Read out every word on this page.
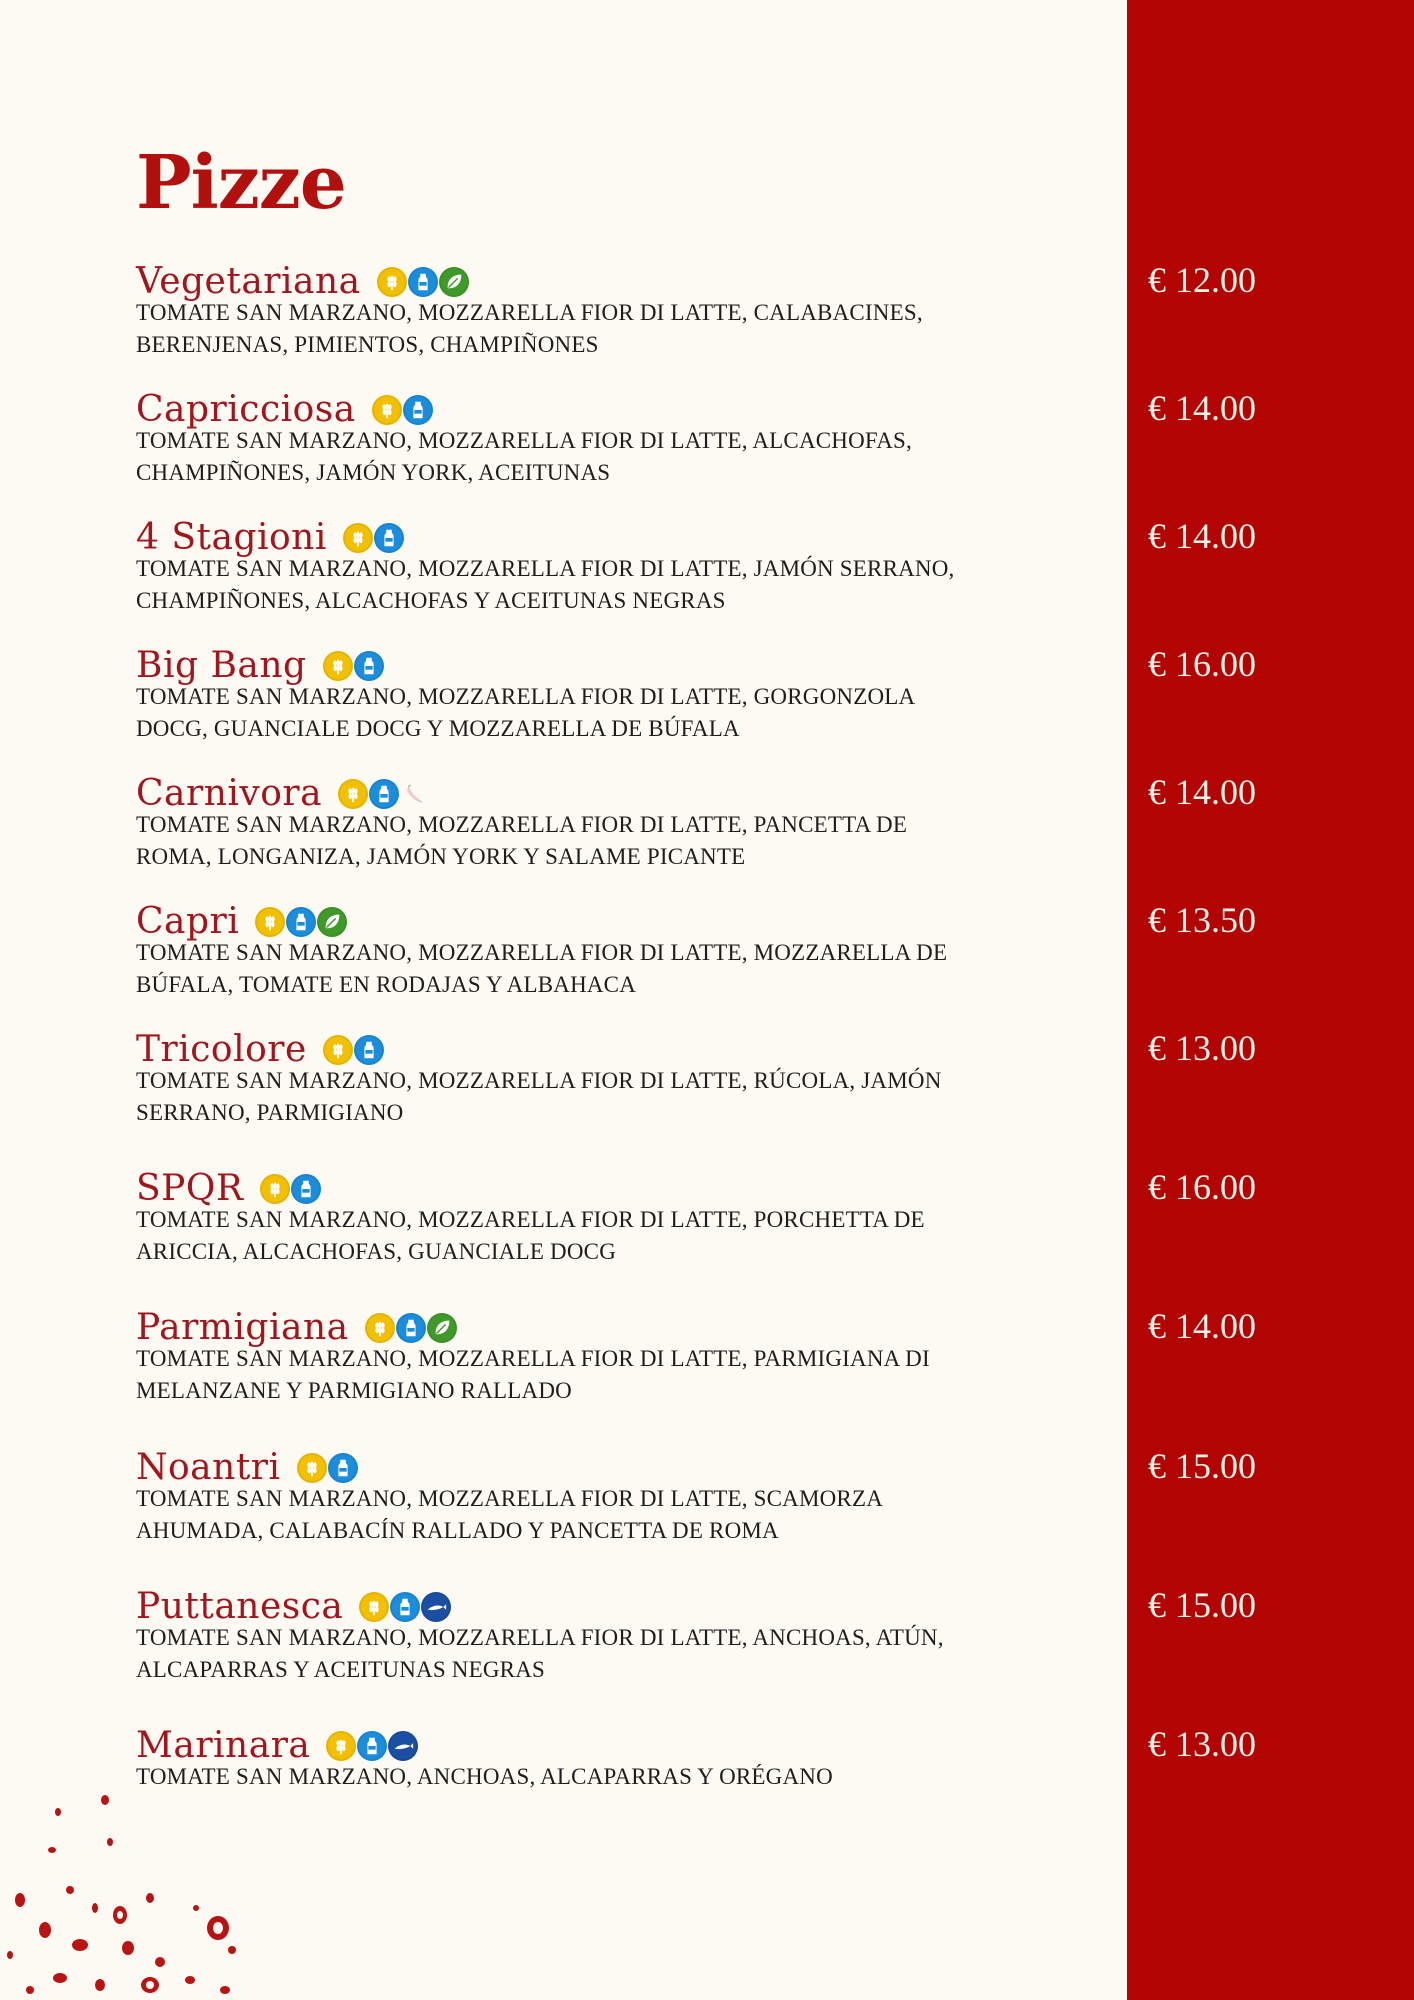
Pizze
Vegetariana

TOMATE SAN MARZANO, MOZZARELLA FIOR DI LATTE, CALABACINES, BERENJENAS, PIMIENTOS, CHAMPIÑONES

€ 12.00
Capricciosa

TOMATE SAN MARZANO, MOZZARELLA FIOR DI LATTE, ALCACHOFAS, CHAMPIÑONES, JAMÓN YORK, ACEITUNAS

€ 14.00
4 Stagioni

TOMATE SAN MARZANO, MOZZARELLA FIOR DI LATTE, JAMÓN SERRANO, CHAMPIÑONES, ALCACHOFAS Y ACEITUNAS NEGRAS

€ 14.00
Big Bang

TOMATE SAN MARZANO, MOZZARELLA FIOR DI LATTE, GORGONZOLA DOCG, GUANCIALE DOCG Y MOZZARELLA DE BÚFALA

€ 16.00
Carnivora

TOMATE SAN MARZANO, MOZZARELLA FIOR DI LATTE, PANCETTA DE ROMA, LONGANIZA, JAMÓN YORK Y SALAME PICANTE

€ 14.00
Capri

TOMATE SAN MARZANO, MOZZARELLA FIOR DI LATTE, MOZZARELLA DE BÚFALA, TOMATE EN RODAJAS Y ALBAHACA

€ 13.50
Tricolore

TOMATE SAN MARZANO, MOZZARELLA FIOR DI LATTE, RÚCOLA, JAMÓN SERRANO, PARMIGIANO

€ 13.00
SPQR

TOMATE SAN MARZANO, MOZZARELLA FIOR DI LATTE, PORCHETTA DE ARICCIA, ALCACHOFAS, GUANCIALE DOCG

€ 16.00
Parmigiana

TOMATE SAN MARZANO, MOZZARELLA FIOR DI LATTE, PARMIGIANA DI MELANZANE Y PARMIGIANO RALLADO

€ 14.00
Noantri

TOMATE SAN MARZANO, MOZZARELLA FIOR DI LATTE, SCAMORZA AHUMADA, CALABACÍN RALLADO Y PANCETTA DE ROMA

€ 15.00
Puttanesca

TOMATE SAN MARZANO, MOZZARELLA FIOR DI LATTE, ANCHOAS, ATÚN, ALCAPARRAS Y ACEITUNAS NEGRAS

€ 15.00
Marinara

TOMATE SAN MARZANO, ANCHOAS, ALCAPARRAS Y ORÉGANO

€ 13.00
